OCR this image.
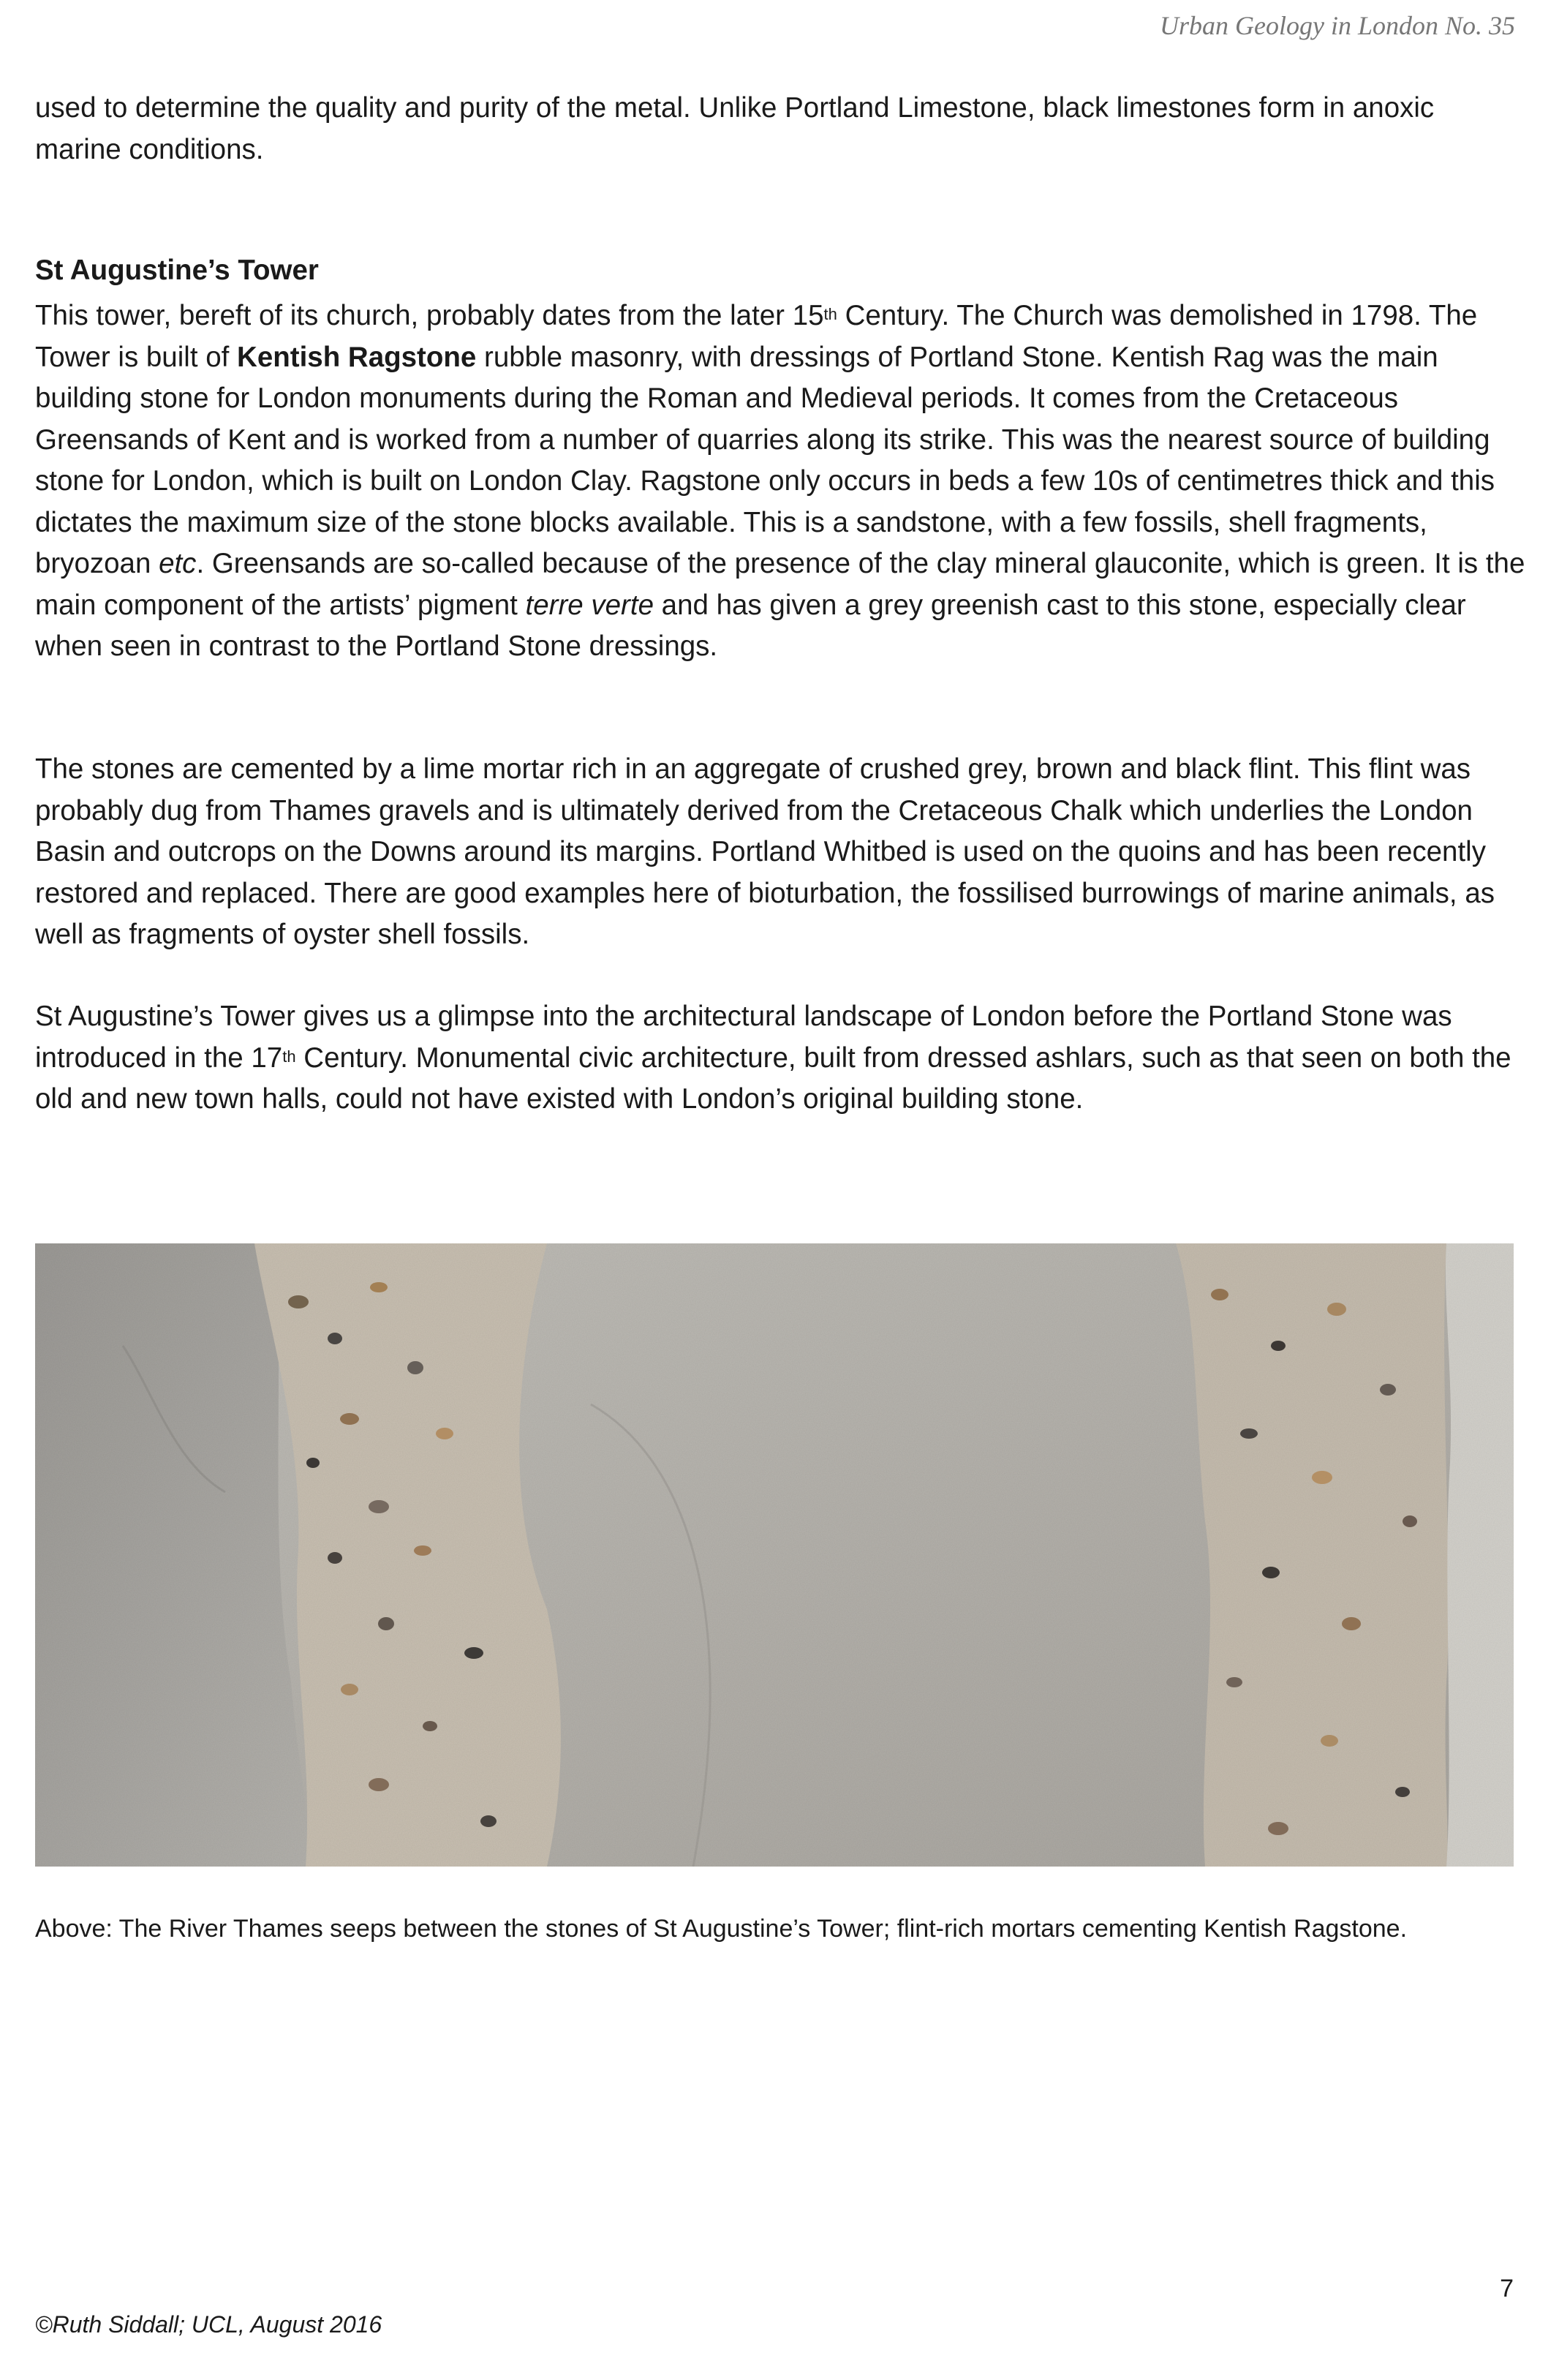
Urban Geology in London No. 35

used to determine the quality and purity of the metal. Unlike Portland Limestone, black limestones form in anoxic marine conditions.

St Augustine’s Tower

This tower, bereft of its church, probably dates from the later 15th Century. The Church was demolished in 1798. The Tower is built of Kentish Ragstone rubble masonry, with dressings of Portland Stone. Kentish Rag was the main building stone for London monuments during the Roman and Medieval periods. It comes from the Cretaceous Greensands of Kent and is worked from a number of quarries along its strike. This was the nearest source of building stone for London, which is built on London Clay. Ragstone only occurs in beds a few 10s of centimetres thick and this dictates the maximum size of the stone blocks available. This is a sandstone, with a few fossils, shell fragments, bryozoan etc. Greensands are so-called because of the presence of the clay mineral glauconite, which is green. It is the main component of the artists’ pigment terre verte and has given a grey greenish cast to this stone, especially clear when seen in contrast to the Portland Stone dressings.

The stones are cemented by a lime mortar rich in an aggregate of crushed grey, brown and black flint. This flint was probably dug from Thames gravels and is ultimately derived from the Cretaceous Chalk which underlies the London Basin and outcrops on the Downs around its margins. Portland Whitbed is used on the quoins and has been recently restored and replaced. There are good examples here of bioturbation, the fossilised burrowings of marine animals, as well as fragments of oyster shell fossils.

St Augustine’s Tower gives us a glimpse into the architectural landscape of London before the Portland Stone was introduced in the 17th Century. Monumental civic architecture, built from dressed ashlars, such as that seen on both the old and new town halls, could not have existed with London’s original building stone.

Above: The River Thames seeps between the stones of St Augustine’s Tower; flint-rich mortars cementing Kentish Ragstone.

7
©Ruth Siddall; UCL, August 2016
